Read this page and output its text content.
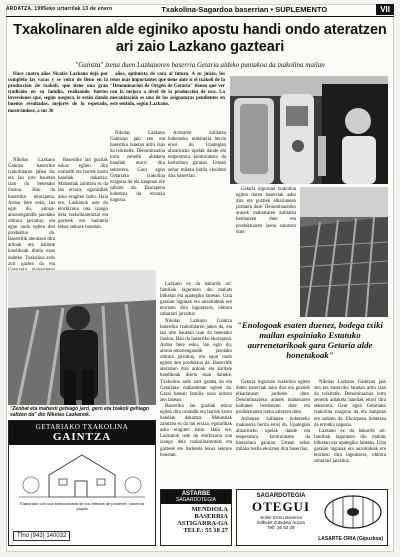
ARDATZA, 1995eko urtarrilak 13 de enero	Txakolina-Sagardoa baserrian • SUPLEMENTO	VII
Txakolinaren alde eginiko apostu handi ondo ateratzen ari zaio Lazkano gazteari
"Gaintza" izena duen Lazkanoren baserria Getaria aldeko puntakoa da txakolina mailan

Hace cuatro años Nicolás Lazkano dejó por completo las vacas y se volcó de lleno en la producción de txakoli, que tiene una gran tradición en su familia, realizando fuertes inversiones que, según asegura, le están dando buenos resultados, mejores de lo esperado, mostrándose, a sus 36

Nikolas Lazkano Gaintza baserriko txakolinaren jabea da, eta lau urte hauetan izan du benetako ilusioa. Hau da baserriko ekoizpena. Ardoa bere esku, lan egin du, aitona-amonengandik jasotako ohitura jarraituz, eta egun ondo egiten den produktua da. Baserritik ateratzen dira ardoak eta kalitate handikoak direla esan daiteke. Txakolina ardo zuri gaztea da eta

Baserriko lan guztiak eskuz egiten dira oraindik eta horrek kostu handiak dakartza. Mahastiak zaintzea ez da lan erraza, eguraldiak asko eragiten baitu. Hala ere, Lazkanok uste du etorkizuna ona izango dela txakolinarentzat eta gazteek ere badutela lekua sektore honetan.

años, optimista de cara al futuro. A su juicio, los retos más importantes que tiene ante sí el txakoli de la "Denominación de Origen de Getaria" tienen que ver con la mejora a nivel de la producción de uva. La mecanización es una de las asignaturas pendientes en este sentido, según Lazkano.

Nikolas Lazkano Gaintzan jaio zen eta baserriko lanetan aritu izan da txikitatik. Denominazioa lortu zenetik aldaketa handiak etorri dira sektorera. Gaur egun Getariako txakolina ezaguna da eta kanpoan ere saltzen da. Ekoizpena hobetzea da erronka nagusia.

Ardoaren kalitatea hobetzeko makineria berria erosi du. Upategian altzairuzko upelak daude eta tenperatura kontrolatzen da hartzidura garaian. Urtean zehar milaka botila ekoizten dira baserrian.

Getaria inguruan txakolina egiten duten baserriak asko dira eta guztiek elkarlanean jarduten dute. Denominazioko arauek mahatsaren kalitatea bermatzen dute eta produktuaren izena zaintzen dute.

Lazkano ez da bakarrik ari: familiak laguntzen dio mahats bilketan eta upategiko lanetan. Uzta garaian lagunak eta auzokideak ere etortzen dira laguntzera, ohitura zaharrari jarraituz.

Nikolas Lazkano Gaintza baserriko txakolinaren jabea da, eta lau urte hauetan izan du benetako ilusioa. Hau da baserriko ekoizpena. Ardoa bere esku, lan egin du, aitona-amonengandik jasotako ohitura jarraituz, eta egun ondo egiten den produktua da. Baserritik ateratzen dira ardoak eta kalitate handikoak direla esan daiteke. Txakolina ardo zuri gaztea da eta Getariako mahastietan egiten da. Garai batean familia osoa aritzen zen lanean.

Baserriko lan guztiak eskuz egiten dira oraindik eta horrek kostu handiak dakartza. Mahastiak zaintzea ez da lan erraza, eguraldiak asko eragiten baitu. Hala ere, Lazkanok uste du etorkizuna ona izango dela txakolinarentzat eta gazteek ere badutela lekua sektore honetan.

Getaria inguruan txakolina egiten duten baserriak asko dira eta guztiek elkarlanean jarduten dute. Denominazioko arauek mahatsaren kalitatea bermatzen dute eta produktuaren izena zaintzen dute.

Ardoaren kalitatea hobetzeko makineria berria erosi du. Upategian altzairuzko upelak daude eta tenperatura kontrolatzen da hartzidura garaian. Urtean zehar milaka botila ekoizten dira baserrian.

Nikolas Lazkano Gaintzan jaio zen eta baserriko lanetan aritu izan da txikitatik. Denominazioa lortu zenetik aldaketa handiak etorri dira sektorera. Gaur egun Getariako txakolina ezaguna da eta kanpoan ere saltzen da. Ekoizpena hobetzea da erronka nagusia.

Lazkano ez da bakarrik ari: familiak laguntzen dio mahats bilketan eta upategiko lanetan. Uzta garaian lagunak eta auzokideak ere etortzen dira laguntzera, ohitura zaharrari jarraituz.

"Zenbat eta mahasti gehiago jarri, gero eta txakoli gehiago saltzen da" dio Nikolas Lazkanok.
"Enologoak esaten duenez, bodega txiki mailan espainiako Estatuko aurrenetarikoak gara Getaria alde honetakoak"
GETARIAKO TXAKOLINA
GAINTZA
Elaborado con uva seleccionada de los viñedos de poniente, cosecha propia
Tfno (943) 140032
ASTARBE
SAGARDOTEGIA
MENDIOLA
BASERRIA
ASTIGARRA-GA
TELF.: 55 18 27
SAGARDOTEGIA
OTEGUI
Soller Erreo Baserria
Ibilbidel Zubideta Auzoa
Telf. 36 50 29
LASARTE-ORIA (Gipuzkoa)
